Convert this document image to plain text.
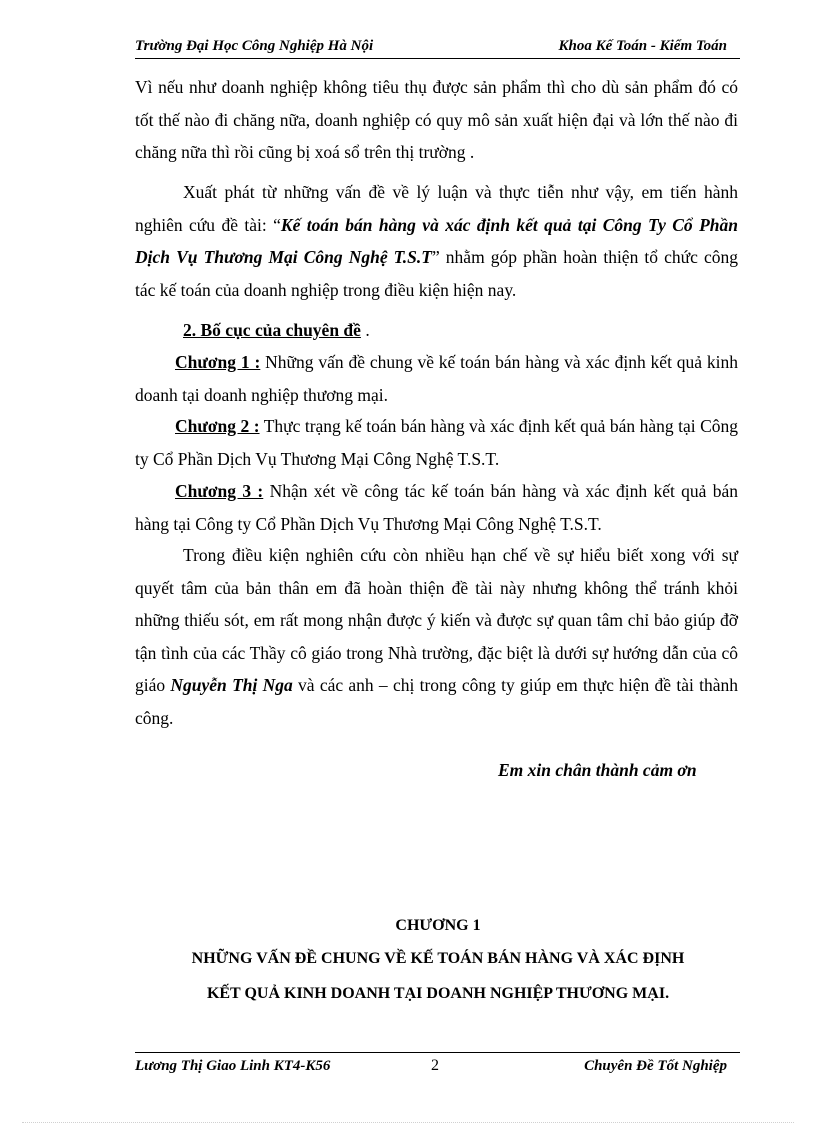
Trường Đại Học Công Nghiệp Hà Nội	Khoa Kế Toán - Kiểm Toán

Vì nếu như doanh nghiệp không tiêu thụ được sản phẩm thì cho dù sản phẩm đó có tốt thế nào đi chăng nữa, doanh nghiệp có quy mô sản xuất hiện đại và lớn thế nào đi chăng nữa thì rồi cũng bị xoá sổ trên thị trường .

Xuất phát từ những vấn đề về lý luận và thực tiễn như vậy, em tiến hành nghiên cứu đề tài: “Kế toán bán hàng và xác định kết quả tại Công Ty Cổ Phần Dịch Vụ Thương Mại Công Nghệ T.S.T” nhằm góp phần hoàn thiện tổ chức công tác kế toán của doanh nghiệp trong điều kiện hiện nay.

2. Bố cục của chuyên đề .

Chương 1 : Những vấn đề chung về kế toán bán hàng và xác định kết quả kinh doanh tại doanh nghiệp thương mại.

Chương 2 : Thực trạng kế toán bán hàng và xác định kết quả bán hàng tại Công ty Cổ Phần Dịch Vụ Thương Mại Công Nghệ T.S.T.

Chương 3 : Nhận xét về công tác kế toán bán hàng và xác định kết quả bán hàng tại Công ty Cổ Phần Dịch Vụ Thương Mại Công Nghệ T.S.T.

Trong điều kiện nghiên cứu còn nhiều hạn chế về sự hiểu biết xong với sự quyết tâm của bản thân em đã hoàn thiện đề tài này nhưng không thể tránh khỏi những thiếu sót, em rất mong nhận được ý kiến và được sự quan tâm chỉ bảo giúp đỡ tận tình của các Thầy cô giáo trong Nhà trường, đặc biệt là dưới sự hướng dẫn của cô giáo Nguyễn Thị Nga và các anh – chị trong công ty giúp em thực hiện đề tài thành công.

Em xin chân thành cảm ơn

CHƯƠNG 1

NHỮNG VẤN ĐỀ CHUNG VỀ KẾ TOÁN BÁN HÀNG VÀ XÁC ĐỊNH

KẾT QUẢ KINH DOANH TẠI DOANH NGHIỆP THƯƠNG MẠI.

Lương Thị Giao Linh KT4-K56	2	Chuyên Đề Tốt Nghiệp
